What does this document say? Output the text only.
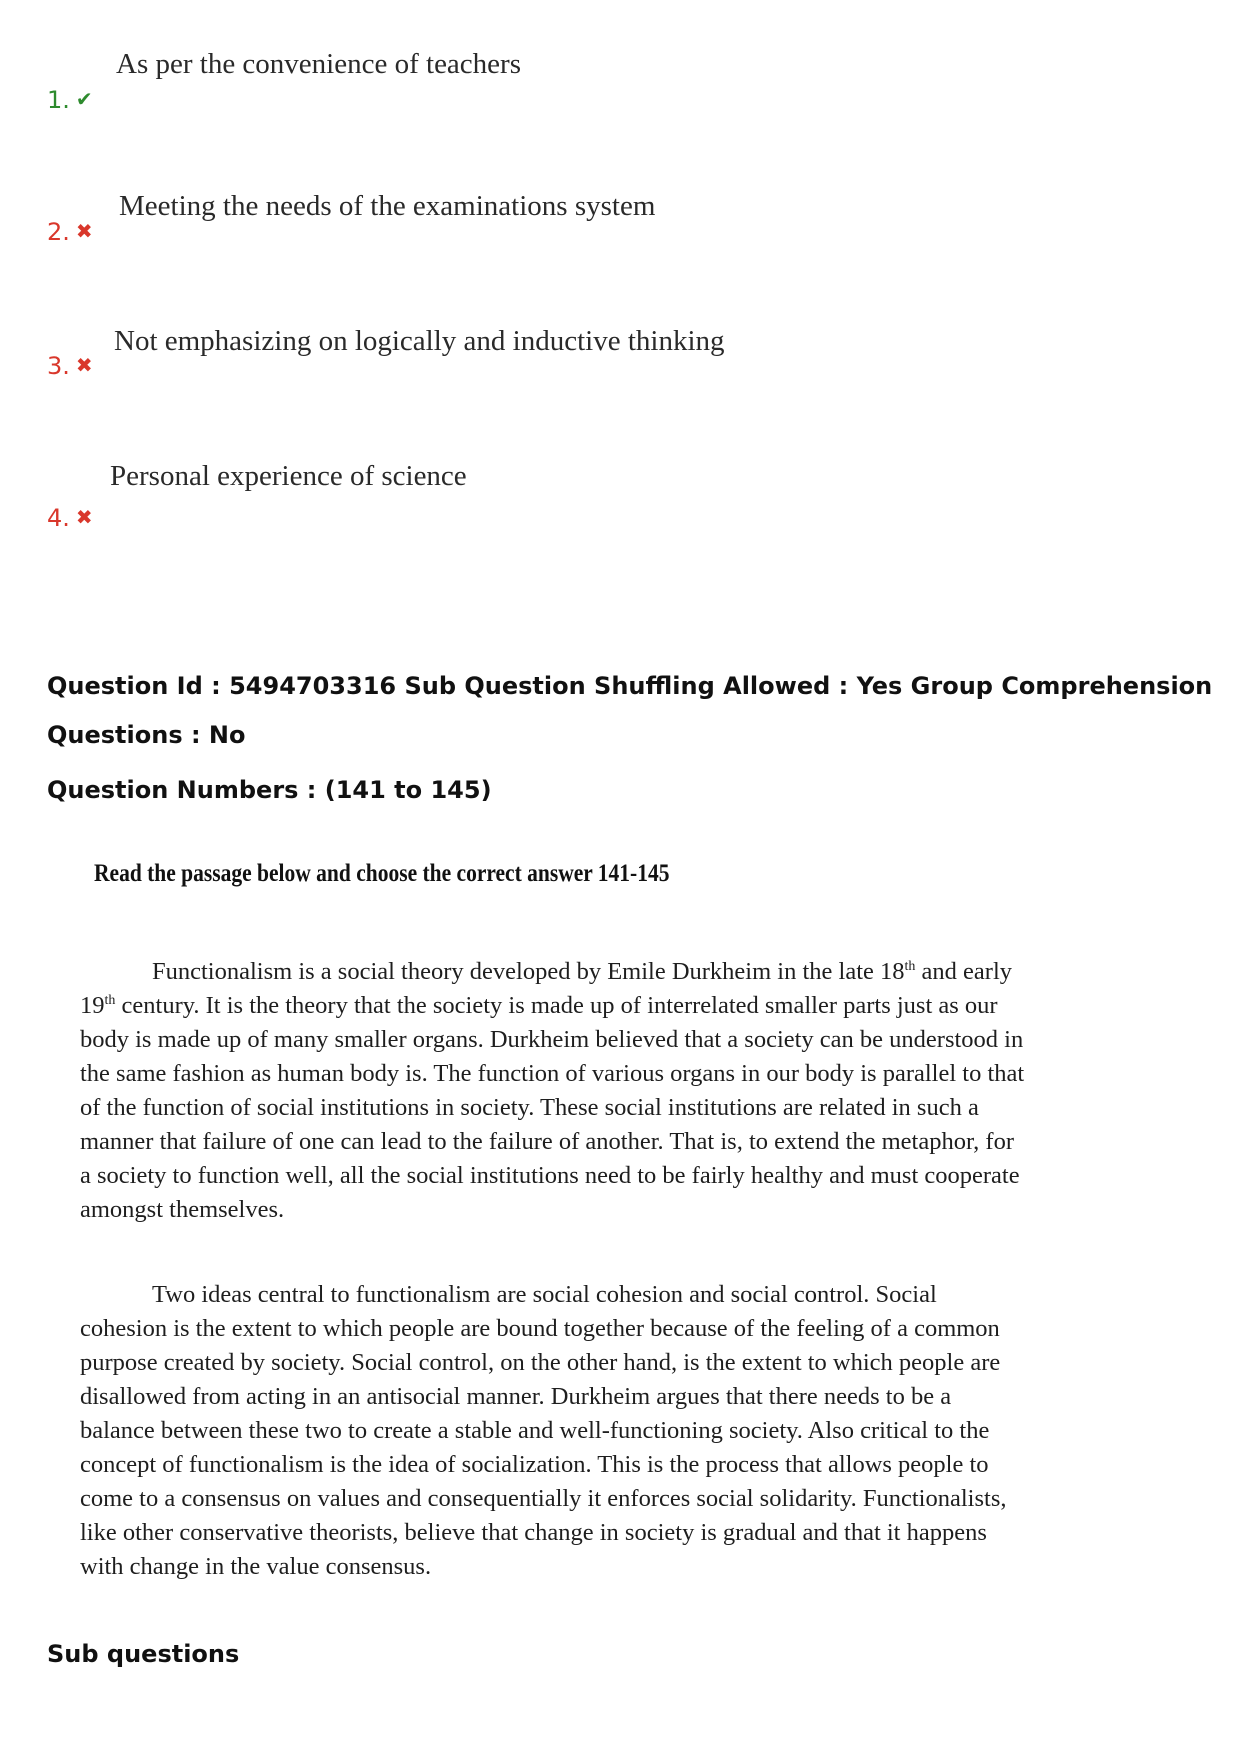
As per the convenience of teachers
1. ✔
Meeting the needs of the examinations system
2. ✖
Not emphasizing on logically and inductive thinking
3. ✖
Personal experience of science
4. ✖
Question Id : 5494703316 Sub Question Shuffling Allowed : Yes Group Comprehension
Questions : No
Question Numbers : (141 to 145)
Read the passage below and choose the correct answer 141-145
Functionalism is a social theory developed by Emile Durkheim in the late 18th and early
19th century. It is the theory that the society is made up of interrelated smaller parts just as our
body is made up of many smaller organs. Durkheim believed that a society can be understood in
the same fashion as human body is. The function of various organs in our body is parallel to that
of the function of social institutions in society. These social institutions are related in such a
manner that failure of one can lead to the failure of another. That is, to extend the metaphor, for
a society to function well, all the social institutions need to be fairly healthy and must cooperate
amongst themselves.
Two ideas central to functionalism are social cohesion and social control. Social
cohesion is the extent to which people are bound together because of the feeling of a common
purpose created by society. Social control, on the other hand, is the extent to which people are
disallowed from acting in an antisocial manner. Durkheim argues that there needs to be a
balance between these two to create a stable and well-functioning society. Also critical to the
concept of functionalism is the idea of socialization. This is the process that allows people to
come to a consensus on values and consequentially it enforces social solidarity. Functionalists,
like other conservative theorists, believe that change in society is gradual and that it happens
with change in the value consensus.
Sub questions
